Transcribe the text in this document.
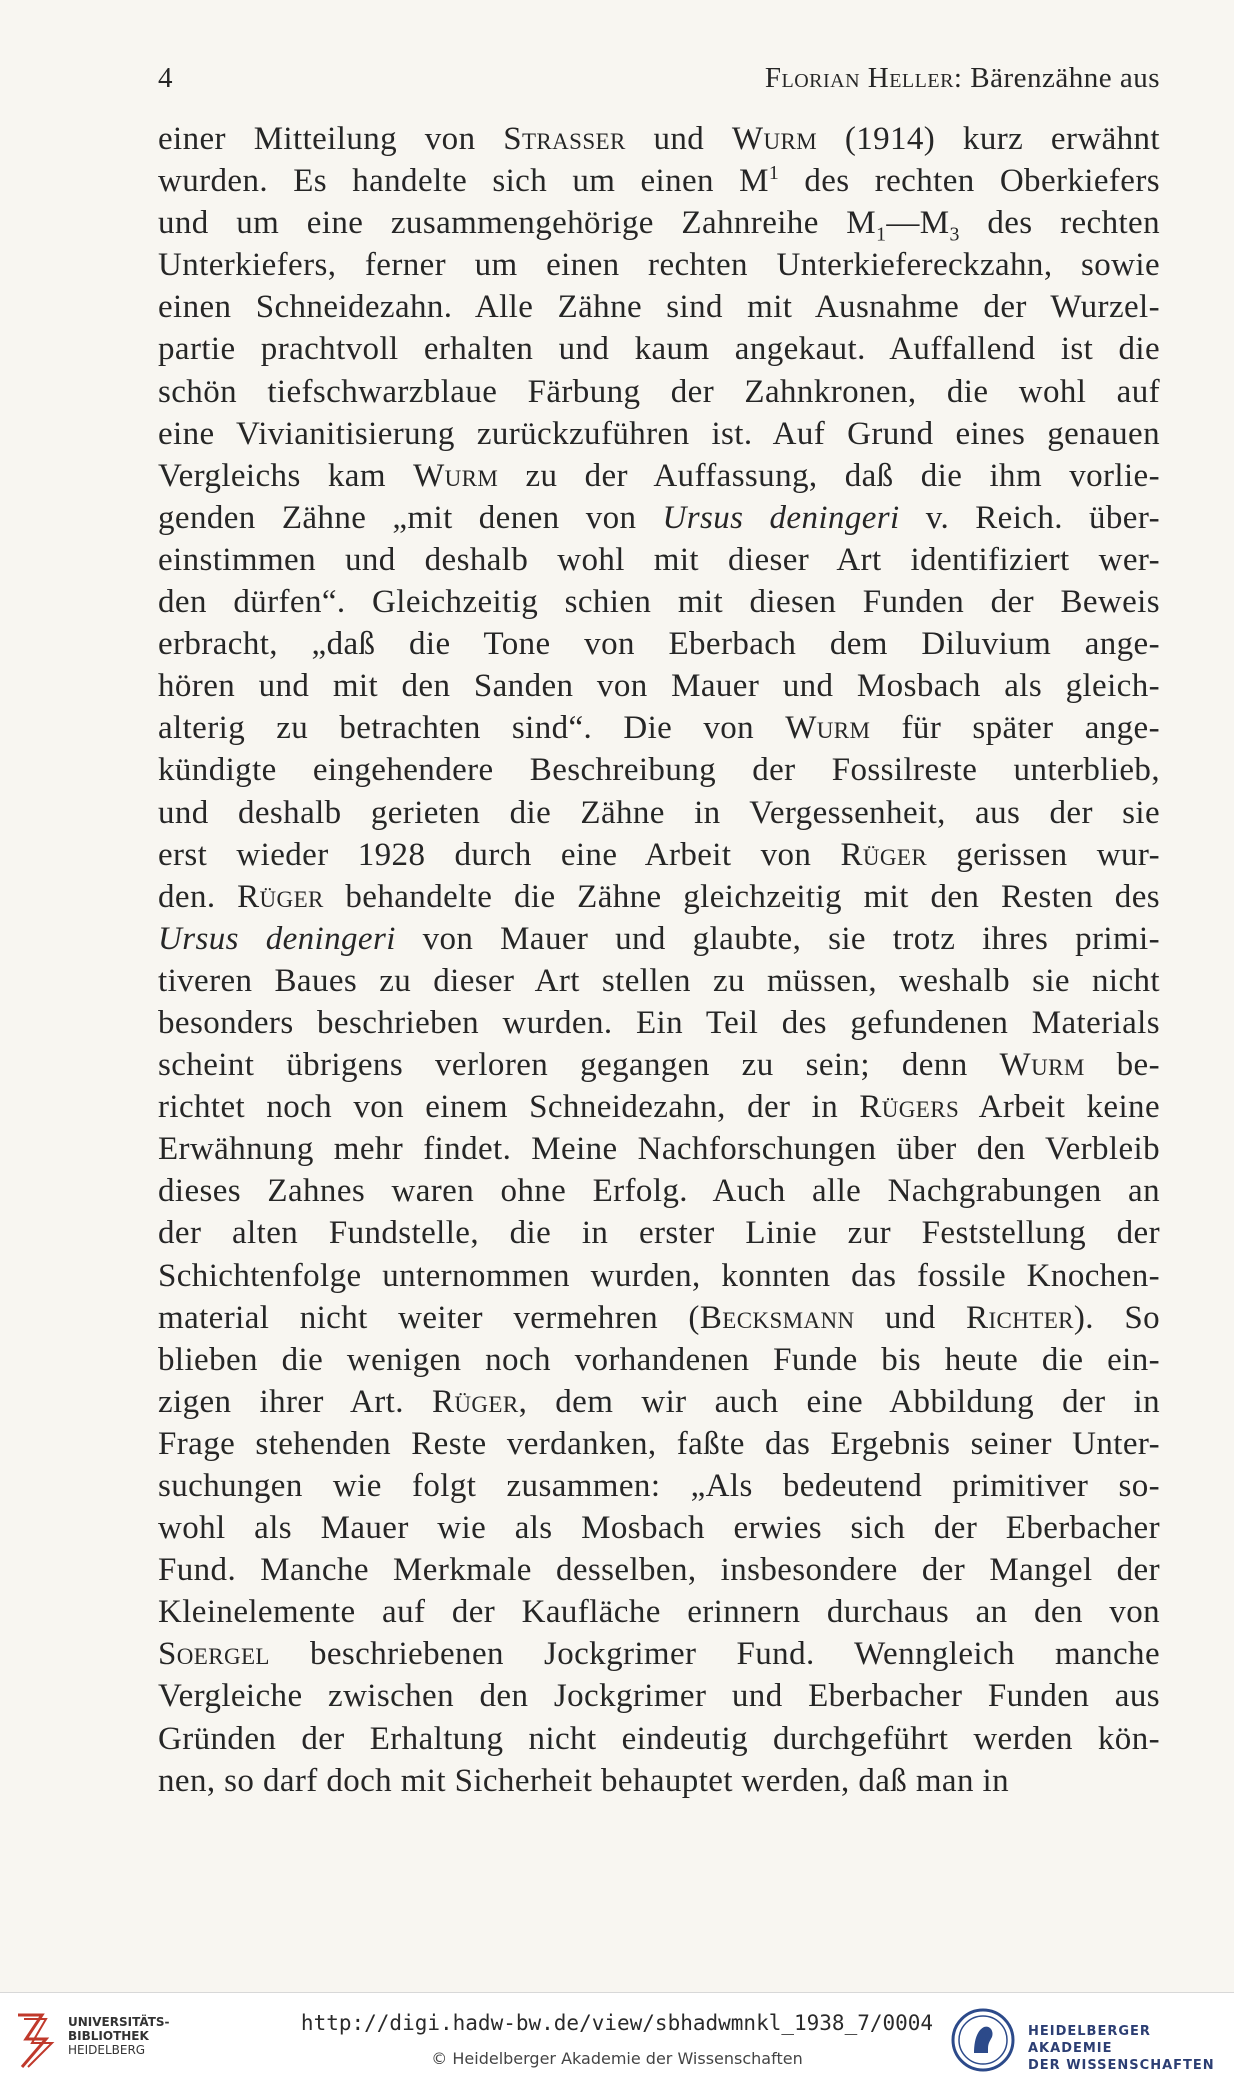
4	Florian Heller: Bärenzähne aus
einer Mitteilung von Strasser und Wurm (1914) kurz erwähnt
wurden. Es handelte sich um einen $M^1$ des rechten Oberkiefers
und um eine zusammengehörige Zahnreihe $M_1—M_3$ des rechten
Unterkiefers, ferner um einen rechten Unterkiefereckzahn, sowie
einen Schneidezahn. Alle Zähne sind mit Ausnahme der Wurzel-
partie prachtvoll erhalten und kaum angekaut. Auffallend ist die
schön tiefschwarzblaue Färbung der Zahnkronen, die wohl auf
eine Vivianitisierung zurückzuführen ist. Auf Grund eines genauen
Vergleichs kam Wurm zu der Auffassung, daß die ihm vorlie-
genden Zähne „mit denen von Ursus deningeri v. Reich. über-
einstimmen und deshalb wohl mit dieser Art identifiziert wer-
den dürfen“. Gleichzeitig schien mit diesen Funden der Beweis
erbracht, „daß die Tone von Eberbach dem Diluvium ange-
hören und mit den Sanden von Mauer und Mosbach als gleich-
alterig zu betrachten sind“. Die von Wurm für später ange-
kündigte eingehendere Beschreibung der Fossilreste unterblieb,
und deshalb gerieten die Zähne in Vergessenheit, aus der sie
erst wieder 1928 durch eine Arbeit von Rüger gerissen wur-
den. Rüger behandelte die Zähne gleichzeitig mit den Resten des
Ursus deningeri von Mauer und glaubte, sie trotz ihres primi-
tiveren Baues zu dieser Art stellen zu müssen, weshalb sie nicht
besonders beschrieben wurden. Ein Teil des gefundenen Materials
scheint übrigens verloren gegangen zu sein; denn Wurm be-
richtet noch von einem Schneidezahn, der in Rügers Arbeit keine
Erwähnung mehr findet. Meine Nachforschungen über den Verbleib
dieses Zahnes waren ohne Erfolg. Auch alle Nachgrabungen an
der alten Fundstelle, die in erster Linie zur Feststellung der
Schichtenfolge unternommen wurden, konnten das fossile Knochen-
material nicht weiter vermehren (Becksmann und Richter). So
blieben die wenigen noch vorhandenen Funde bis heute die ein-
zigen ihrer Art. Rüger, dem wir auch eine Abbildung der in
Frage stehenden Reste verdanken, faßte das Ergebnis seiner Unter-
suchungen wie folgt zusammen: „Als bedeutend primitiver so-
wohl als Mauer wie als Mosbach erwies sich der Eberbacher
Fund. Manche Merkmale desselben, insbesondere der Mangel der
Kleinelemente auf der Kaufläche erinnern durchaus an den von
Soergel beschriebenen Jockgrimer Fund. Wenngleich manche
Vergleiche zwischen den Jockgrimer und Eberbacher Funden aus
Gründen der Erhaltung nicht eindeutig durchgeführt werden kön-
nen, so darf doch mit Sicherheit behauptet werden, daß man in
UNIVERSITÄTS-
BIBLIOTHEK
HEIDELBERG
http://digi.hadw-bw.de/view/sbhadwmnkl_1938_7/0004
© Heidelberger Akademie der Wissenschaften
HEIDELBERGER AKADEMIE
DER WISSENSCHAFTEN
